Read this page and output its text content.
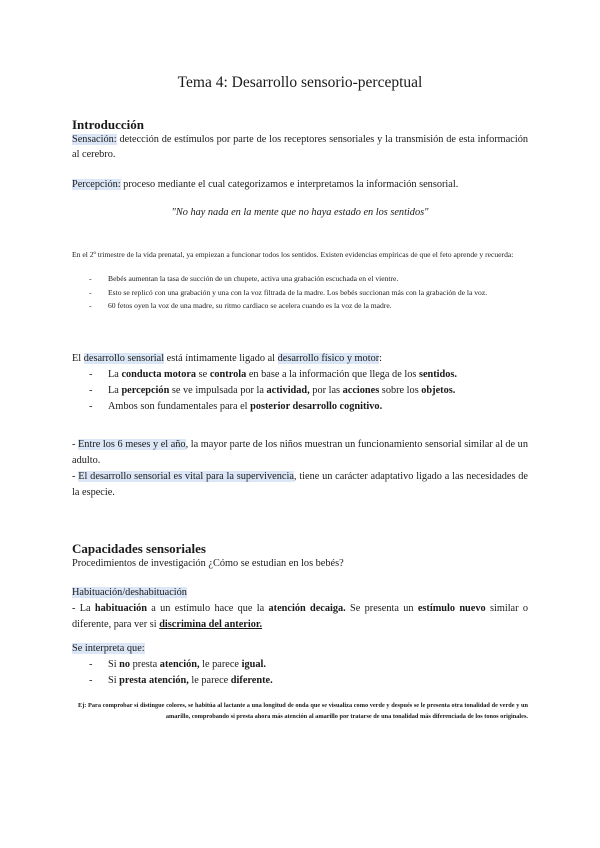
Tema 4: Desarrollo sensorio-perceptual
Introducción
Sensación: detección de estímulos por parte de los receptores sensoriales y la transmisión de esta información al cerebro.
Percepción: proceso mediante el cual categorizamos e interpretamos la información sensorial.
"No hay nada en la mente que no haya estado en los sentidos"
En el 2º trimestre de la vida prenatal, ya empiezan a funcionar todos los sentidos. Existen evidencias empíricas de que el feto aprende y recuerda:
- Bebés aumentan la tasa de succión de un chupete, activa una grabación escuchada en el vientre.
- Esto se replicó con una grabación y una con la voz filtrada de la madre. Los bebés succionan más con la grabación de la voz.
- 60 fetos oyen la voz de una madre, su ritmo cardiaco se acelera cuando es la voz de la madre.
El desarrollo sensorial está íntimamente ligado al desarrollo físico y motor:
- La conducta motora se controla en base a la información que llega de los sentidos.
- La percepción se ve impulsada por la actividad, por las acciones sobre los objetos.
- Ambos son fundamentales para el posterior desarrollo cognitivo.
- Entre los 6 meses y el año, la mayor parte de los niños muestran un funcionamiento sensorial similar al de un adulto.
- El desarrollo sensorial es vital para la supervivencia, tiene un carácter adaptativo ligado a las necesidades de la especie.
Capacidades sensoriales
Procedimientos de investigación ¿Cómo se estudian en los bebés?
Habituación/deshabituación
- La habituación a un estímulo hace que la atención decaiga. Se presenta un estímulo nuevo similar o diferente, para ver si discrimina del anterior.
Se interpreta que:
- Si no presta atención, le parece igual.
- Si presta atención, le parece diferente.
Ej: Para comprobar si distingue colores, se habitúa al lactante a una longitud de onda que se visualiza como verde y después se le presenta otra tonalidad de verde y un amarillo, comprobando si presta ahora más atención al amarillo por tratarse de una tonalidad más diferenciada de los tonos originales.
